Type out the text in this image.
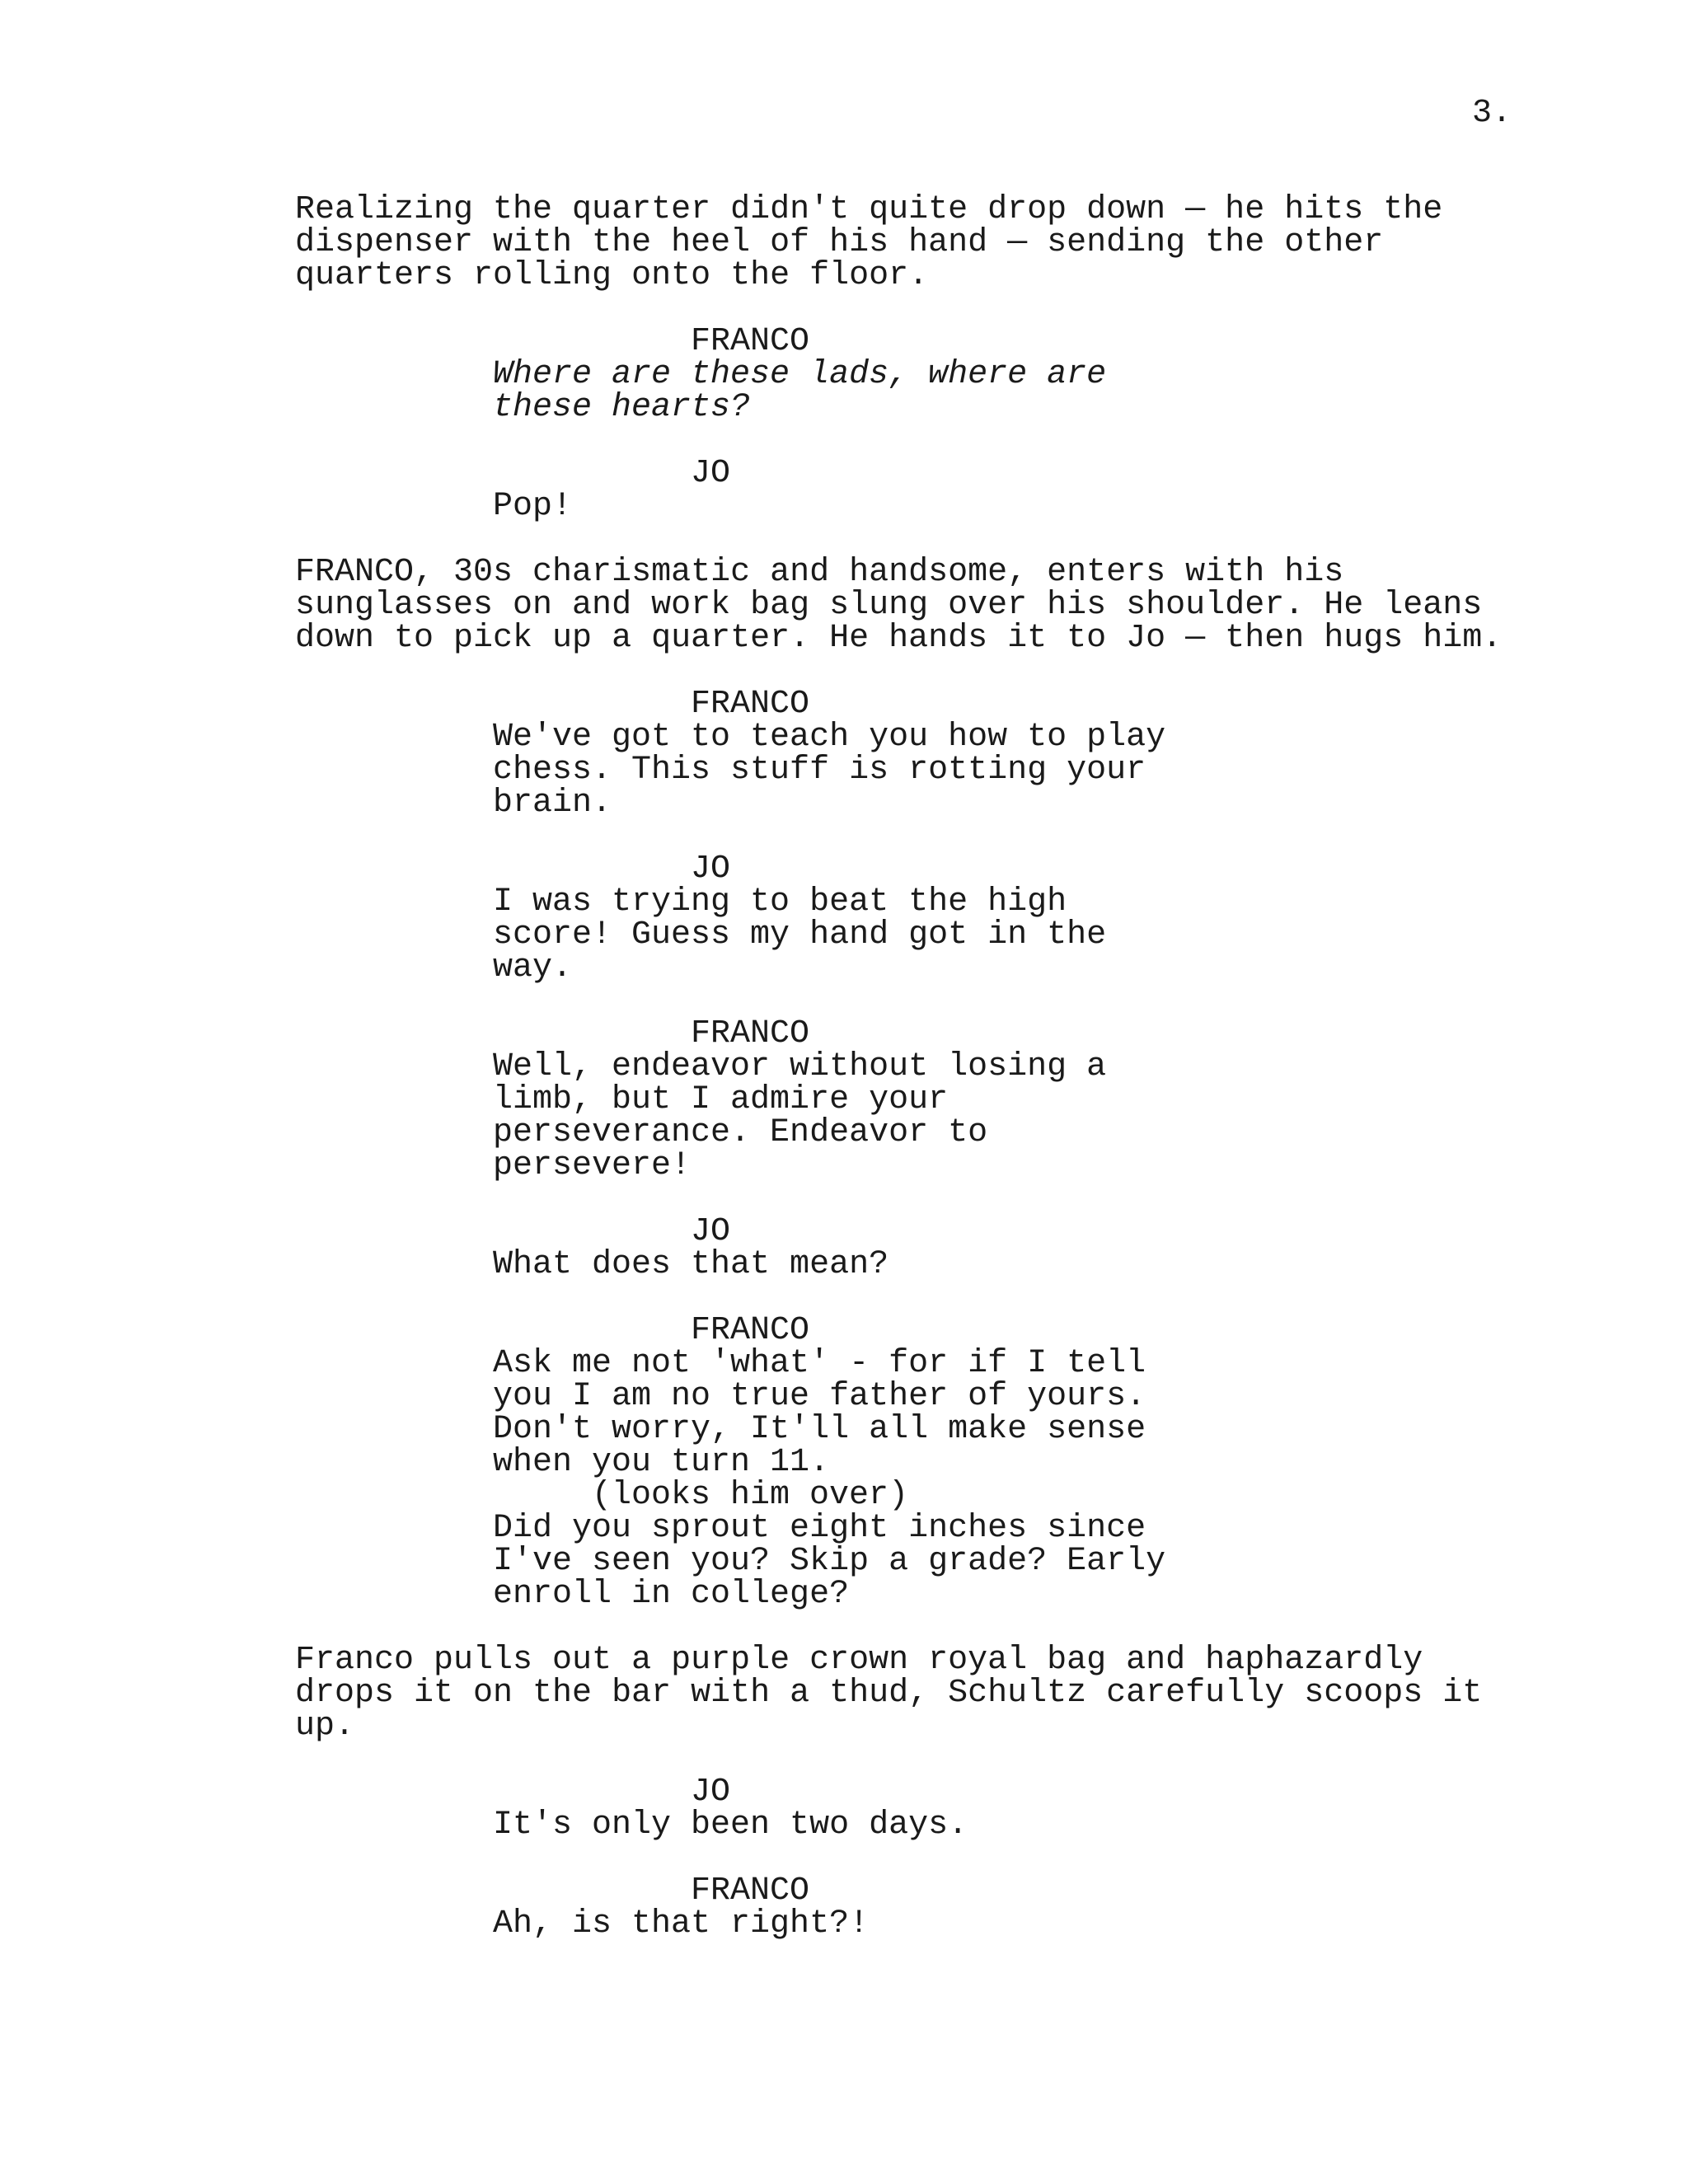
3.
Realizing the quarter didn't quite drop down — he hits the
dispenser with the heel of his hand — sending the other
quarters rolling onto the floor.
FRANCO
Where are these lads, where are
these hearts?
JO
Pop!
FRANCO, 30s charismatic and handsome, enters with his
sunglasses on and work bag slung over his shoulder. He leans
down to pick up a quarter. He hands it to Jo — then hugs him.
FRANCO
We've got to teach you how to play
chess. This stuff is rotting your
brain.
JO
I was trying to beat the high
score! Guess my hand got in the
way.
FRANCO
Well, endeavor without losing a
limb, but I admire your
perseverance. Endeavor to
persevere!
JO
What does that mean?
FRANCO
Ask me not 'what' - for if I tell
you I am no true father of yours.
Don't worry, It'll all make sense
when you turn 11.
(looks him over)
Did you sprout eight inches since
I've seen you? Skip a grade? Early
enroll in college?
Franco pulls out a purple crown royal bag and haphazardly
drops it on the bar with a thud, Schultz carefully scoops it
up.
JO
It's only been two days.
FRANCO
Ah, is that right?!
